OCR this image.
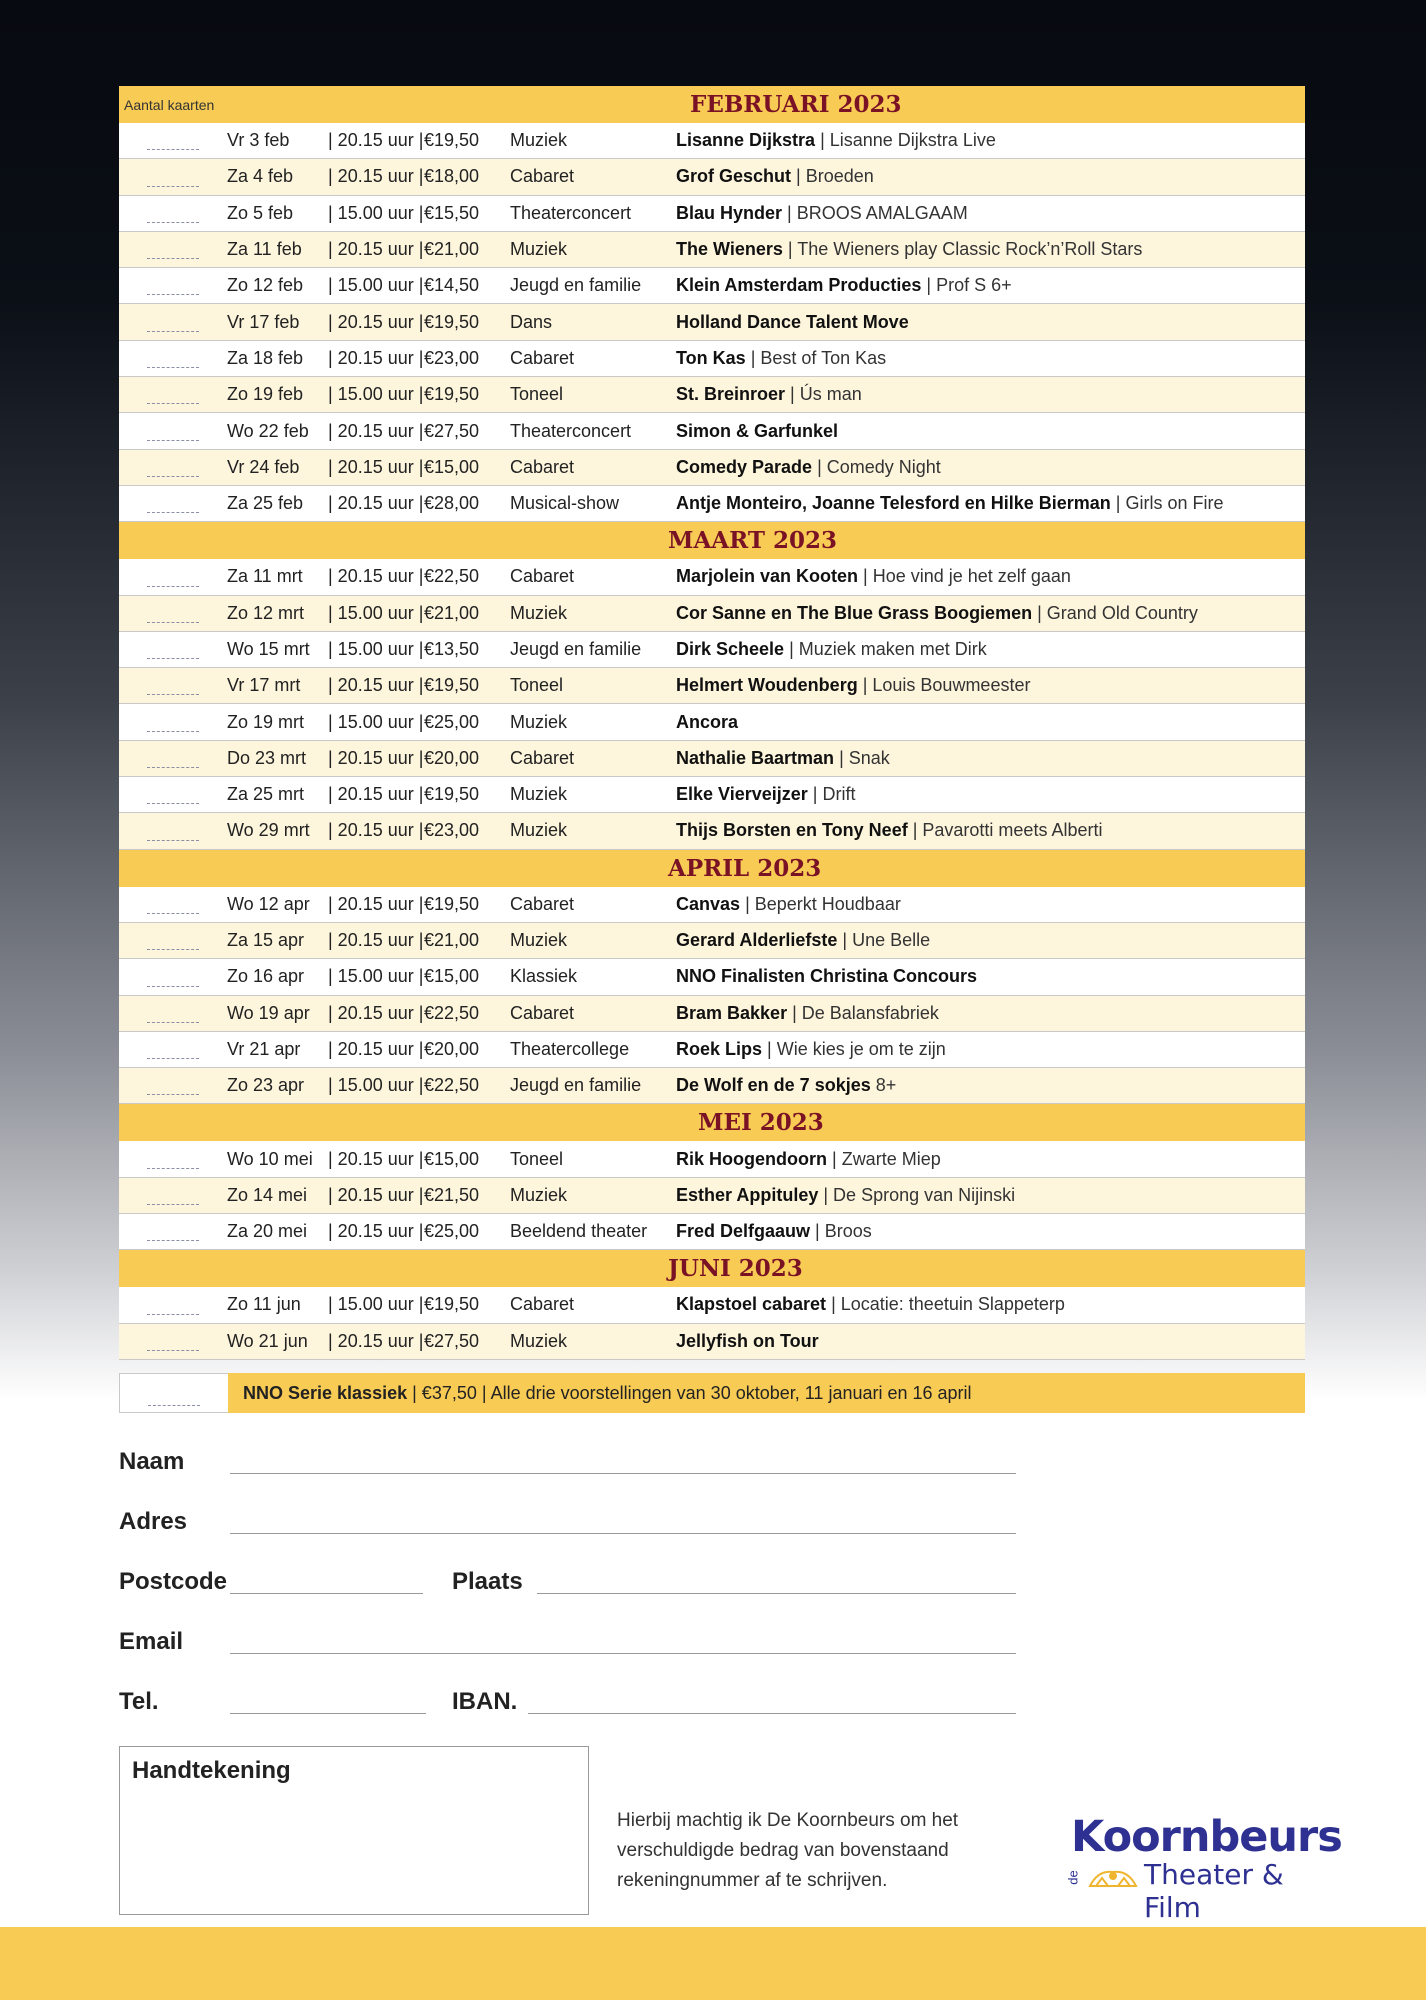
Aantal kaarten	FEBRUARI 2023				
	Vr 3 feb	| 20.15 uur |	€19,50	Muziek	Lisanne Dijkstra | Lisanne Dijkstra Live
	Za 4 feb	| 20.15 uur |	€18,00	Cabaret	Grof Geschut | Broeden
	Zo 5 feb	| 15.00 uur |	€15,50	Theaterconcert	Blau Hynder | BROOS AMALGAAM
	Za 11 feb	| 20.15 uur |	€21,00	Muziek	The Wieners | The Wieners play Classic Rock’n’Roll Stars
	Zo 12 feb	| 15.00 uur |	€14,50	Jeugd en familie	Klein Amsterdam Producties | Prof S 6+
	Vr 17 feb	| 20.15 uur |	€19,50	Dans	Holland Dance Talent Move
	Za 18 feb	| 20.15 uur |	€23,00	Cabaret	Ton Kas | Best of Ton Kas
	Zo 19 feb	| 15.00 uur |	€19,50	Toneel	St. Breinroer | Ús man
	Wo 22 feb	| 20.15 uur |	€27,50	Theaterconcert	Simon & Garfunkel
	Vr 24 feb	| 20.15 uur |	€15,00	Cabaret	Comedy Parade | Comedy Night
	Za 25 feb	| 20.15 uur |	€28,00	Musical-show	Antje Monteiro, Joanne Telesford en Hilke Bierman | Girls on Fire
	MAART 2023				
	Za 11 mrt	| 20.15 uur |	€22,50	Cabaret	Marjolein van Kooten | Hoe vind je het zelf gaan
	Zo 12 mrt	| 15.00 uur |	€21,00	Muziek	Cor Sanne en The Blue Grass Boogiemen | Grand Old Country
	Wo 15 mrt	| 15.00 uur |	€13,50	Jeugd en familie	Dirk Scheele | Muziek maken met Dirk
	Vr 17 mrt	| 20.15 uur |	€19,50	Toneel	Helmert Woudenberg | Louis Bouwmeester
	Zo 19 mrt	| 15.00 uur |	€25,00	Muziek	Ancora
	Do 23 mrt	| 20.15 uur |	€20,00	Cabaret	Nathalie Baartman | Snak
	Za 25 mrt	| 20.15 uur |	€19,50	Muziek	Elke Vierveijzer | Drift
	Wo 29 mrt	| 20.15 uur |	€23,00	Muziek	Thijs Borsten en Tony Neef | Pavarotti meets Alberti
	APRIL 2023				
	Wo 12 apr	| 20.15 uur |	€19,50	Cabaret	Canvas | Beperkt Houdbaar
	Za 15 apr	| 20.15 uur |	€21,00	Muziek	Gerard Alderliefste | Une Belle
	Zo 16 apr	| 15.00 uur |	€15,00	Klassiek	NNO Finalisten Christina Concours
	Wo 19 apr	| 20.15 uur |	€22,50	Cabaret	Bram Bakker | De Balansfabriek
	Vr 21 apr	| 20.15 uur |	€20,00	Theatercollege	Roek Lips | Wie kies je om te zijn
	Zo 23 apr	| 15.00 uur |	€22,50	Jeugd en familie	De Wolf en de 7 sokjes 8+
	MEI 2023				
	Wo 10 mei	| 20.15 uur |	€15,00	Toneel	Rik Hoogendoorn | Zwarte Miep
	Zo 14 mei	| 20.15 uur |	€21,50	Muziek	Esther Appituley | De Sprong van Nijinski
	Za 20 mei	| 20.15 uur |	€25,00	Beeldend theater	Fred Delfgaauw | Broos
	JUNI 2023				
	Zo 11 jun	| 15.00 uur |	€19,50	Cabaret	Klapstoel cabaret | Locatie: theetuin Slappeterp
	Wo 21 jun	| 20.15 uur |	€27,50	Muziek	Jellyfish on Tour
NNO Serie klassiek | €37,50 | Alle drie voorstellingen van 30 oktober, 11 januari en 16 april
Naam
Adres
Postcode	Plaats
Email
Tel.	IBAN.
Handtekening
Hierbij machtig ik De Koornbeurs om het verschuldigde bedrag van bovenstaand rekeningnummer af te schrijven.
Koornbeurs
de Theater & Film
